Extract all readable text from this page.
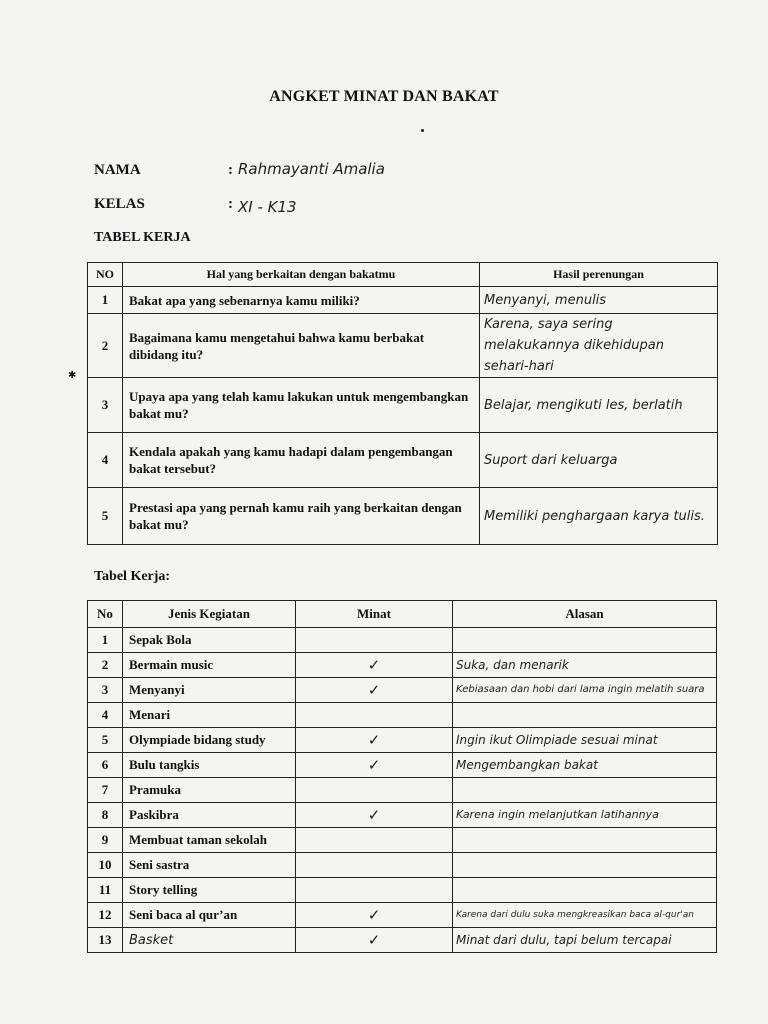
ANGKET MINAT DAN BAKAT
NAMA	: Rahmayanti Amalia
KELAS	: XI - K13
TABEL KERJA
✱
NO	Hal yang berkaitan dengan bakatmu	Hasil perenungan
1	Bakat apa yang sebenarnya kamu miliki?	Menyanyi, menulis
2	Bagaimana kamu mengetahui bahwa kamu berbakat dibidang itu?	Karena, saya sering melakukannya dikehidupan sehari-hari
3	Upaya apa yang telah kamu lakukan untuk mengembangkan bakat mu?	Belajar, mengikuti les, berlatih
4	Kendala apakah yang kamu hadapi dalam pengembangan bakat tersebut?	Suport dari keluarga
5	Prestasi apa yang pernah kamu raih yang berkaitan dengan bakat mu?	Memiliki penghargaan karya tulis.
Tabel Kerja:
No	Jenis Kegiatan	Minat	Alasan
1	Sepak Bola		
2	Bermain music	✓	Suka, dan menarik
3	Menyanyi	✓	Kebiasaan dan hobi dari lama ingin melatih suara
4	Menari		
5	Olympiade bidang study	✓	Ingin ikut Olimpiade sesuai minat
6	Bulu tangkis	✓	Mengembangkan bakat
7	Pramuka		
8	Paskibra	✓	Karena ingin melanjutkan latihannya
9	Membuat taman sekolah		
10	Seni sastra		
11	Story telling		
12	Seni baca al qur’an	✓	Karena dari dulu suka mengkreasikan baca al-qur'an
13	Basket	✓	Minat dari dulu, tapi belum tercapai
